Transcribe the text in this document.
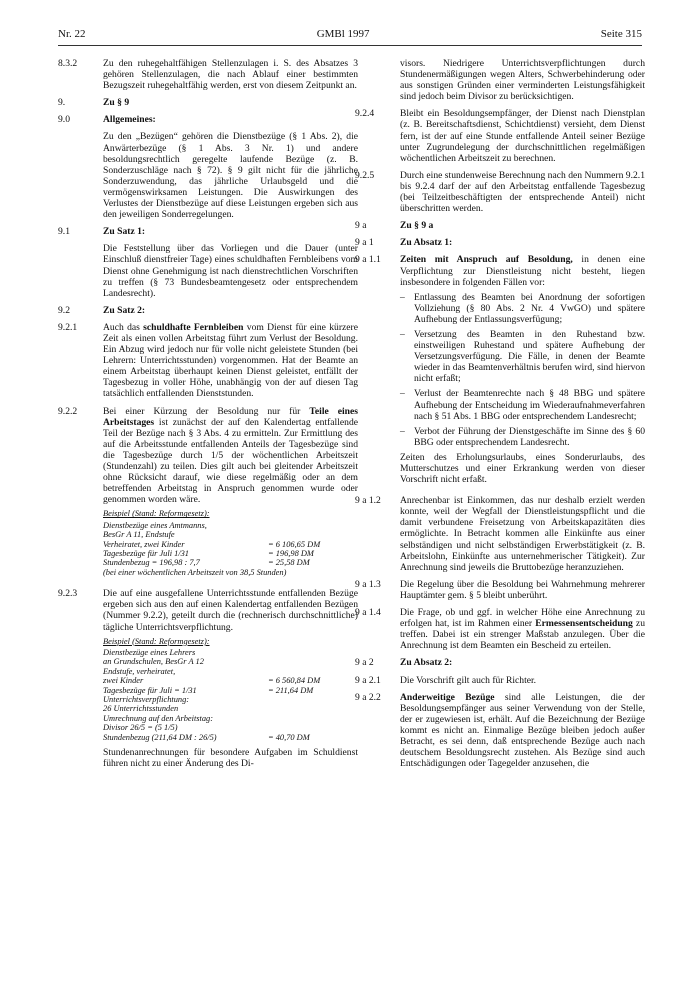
Nr. 22	GMBl 1997	Seite 315
8.3.2	Zu den ruhegehaltfähigen Stellenzulagen i. S. des Absatzes 3 gehören Stellenzulagen, die nach Ablauf einer bestimmten Bezugszeit ruhegehaltfähig werden, erst von diesem Zeitpunkt an.
9.	Zu § 9
9.0	Allgemeines:
Zu den „Bezügen“ gehören die Dienstbezüge (§ 1 Abs. 2), die Anwärterbezüge (§ 1 Abs. 3 Nr. 1) und andere besoldungsrechtlich geregelte laufende Bezüge (z. B. Sonderzuschläge nach § 72). § 9 gilt nicht für die jährliche Sonderzuwendung, das jährliche Urlaubsgeld und die vermögenswirksamen Leistungen. Die Auswirkungen des Verlustes der Dienstbezüge auf diese Leistungen ergeben sich aus den jeweiligen Sonderregelungen.
9.1	Zu Satz 1:
Die Feststellung über das Vorliegen und die Dauer (unter Einschluß dienstfreier Tage) eines schuldhaften Fernbleibens vom Dienst ohne Genehmigung ist nach dienstrechtlichen Vorschriften zu treffen (§ 73 Bundesbeamtengesetz oder entsprechendem Landesrecht).
9.2	Zu Satz 2:
9.2.1	Auch das schuldhafte Fernbleiben vom Dienst für eine kürzere Zeit als einen vollen Arbeitstag führt zum Verlust der Besoldung. Ein Abzug wird jedoch nur für volle nicht geleistete Stunden (bei Lehrern: Unterrichtsstunden) vorgenommen. Hat der Beamte an einem Arbeitstag überhaupt keinen Dienst geleistet, entfällt der Tagesbezug in voller Höhe, unabhängig von der auf diesen Tag tatsächlich entfallenden Dienststunden.
9.2.2	Bei einer Kürzung der Besoldung nur für Teile eines Arbeitstages ist zunächst der auf den Kalendertag entfallende Teil der Bezüge nach § 3 Abs. 4 zu ermitteln. Zur Ermittlung des auf die Arbeitsstunde entfallenden Anteils der Tagesbezüge sind die Tagesbezüge durch 1/5 der wöchentlichen Arbeitszeit (Stundenzahl) zu teilen. Dies gilt auch bei gleitender Arbeitszeit ohne Rücksicht darauf, wie diese regelmäßig oder an dem betreffenden Arbeitstag in Anspruch genommen wurde oder genommen worden wäre.

Beispiel (Stand: Reformgesetz):
Dienstbezüge eines Amtmanns,
BesGr A 11, Endstufe
Verheiratet, zwei Kinder	= 6 106,65 DM
Tagesbezüge für Juli 1/31	= 196,98 DM
Stundenbezug = 196,98 : 7,7	= 25,58 DM
(bei einer wöchentlichen Arbeitszeit von 38,5 Stunden)
9.2.3	Die auf eine ausgefallene Unterrichtsstunde entfallenden Bezüge ergeben sich aus den auf einen Kalendertag entfallenden Bezügen (Nummer 9.2.2), geteilt durch die (rechnerisch durchschnittliche) tägliche Unterrichtsverpflichtung.

Beispiel (Stand: Reformgesetz):
Dienstbezüge eines Lehrers
an Grundschulen, BesGr A 12
Endstufe, verheiratet,
zwei Kinder	= 6 560,84 DM
Tagesbezüge für Juli = 1/31	= 211,64 DM
Unterrichtsverpflichtung:
26 Unterrichtsstunden
Umrechnung auf den Arbeitstag:
Divisor 26/5 = (5 1/5)
Stundenbezug (211,64 DM : 26/5)	= 40,70 DM

Stundenanrechnungen für besondere Aufgaben im Schuldienst führen nicht zu einer Änderung des Di-

visors. Niedrigere Unterrichtsverpflichtungen durch Stundenermäßigungen wegen Alters, Schwerbehinderung oder aus sonstigen Gründen einer verminderten Leistungsfähigkeit sind jedoch beim Divisor zu berücksichtigen.
9.2.4	Bleibt ein Besoldungsempfänger, der Dienst nach Dienstplan (z. B. Bereitschaftsdienst, Schichtdienst) versieht, dem Dienst fern, ist der auf eine Stunde entfallende Anteil seiner Bezüge unter Zugrundelegung der durchschnittlichen regelmäßigen wöchentlichen Arbeitszeit zu berechnen.
9.2.5	Durch eine stundenweise Berechnung nach den Nummern 9.2.1 bis 9.2.4 darf der auf den Arbeitstag entfallende Tagesbezug (bei Teilzeitbeschäftigten der entsprechende Anteil) nicht überschritten werden.
9 a	Zu § 9 a
9 a 1	Zu Absatz 1:
9 a 1.1	Zeiten mit Anspruch auf Besoldung, in denen eine Verpflichtung zur Dienstleistung nicht besteht, liegen insbesondere in folgenden Fällen vor:

– Entlassung des Beamten bei Anordnung der sofortigen Vollziehung (§ 80 Abs. 2 Nr. 4 VwGO) und spätere Aufhebung der Entlassungsverfügung;
– Versetzung des Beamten in den Ruhestand bzw. einstweiligen Ruhestand und spätere Aufhebung der Versetzungsverfügung. Die Fälle, in denen der Beamte wieder in das Beamtenverhältnis berufen wird, sind hiervon nicht erfaßt;
– Verlust der Beamtenrechte nach § 48 BBG und spätere Aufhebung der Entscheidung im Wiederaufnahmeverfahren nach § 51 Abs. 1 BBG oder entsprechendem Landesrecht;
– Verbot der Führung der Dienstgeschäfte im Sinne des § 60 BBG oder entsprechendem Landesrecht.

Zeiten des Erholungsurlaubs, eines Sonderurlaubs, des Mutterschutzes und einer Erkrankung werden von dieser Vorschrift nicht erfaßt.

9 a 1.2	Anrechenbar ist Einkommen, das nur deshalb erzielt werden konnte, weil der Wegfall der Dienstleistungspflicht und die damit verbundene Freisetzung von Arbeitskapazitäten dies ermöglichte. In Betracht kommen alle Einkünfte aus einer selbständigen und nicht selbständigen Erwerbstätigkeit (z. B. Arbeitslohn, Einkünfte aus unternehmerischer Tätigkeit). Zur Anrechnung sind jeweils die Bruttobezüge heranzuziehen.
9 a 1.3	Die Regelung über die Besoldung bei Wahrnehmung mehrerer Hauptämter gem. § 5 bleibt unberührt.
9 a 1.4	Die Frage, ob und ggf. in welcher Höhe eine Anrechnung zu erfolgen hat, ist im Rahmen einer Ermessensentscheidung zu treffen. Dabei ist ein strenger Maßstab anzulegen. Über die Anrechnung ist dem Beamten ein Bescheid zu erteilen.
9 a 2	Zu Absatz 2:
9 a 2.1	Die Vorschrift gilt auch für Richter.
9 a 2.2	Anderweitige Bezüge sind alle Leistungen, die der Besoldungsempfänger aus seiner Verwendung von der Stelle, der er zugewiesen ist, erhält. Auf die Bezeichnung der Bezüge kommt es nicht an. Einmalige Bezüge bleiben jedoch außer Betracht, es sei denn, daß entsprechende Bezüge auch nach deutschem Besoldungsrecht zustehen. Als Bezüge sind auch Entschädigungen oder Tagegelder anzusehen, die
